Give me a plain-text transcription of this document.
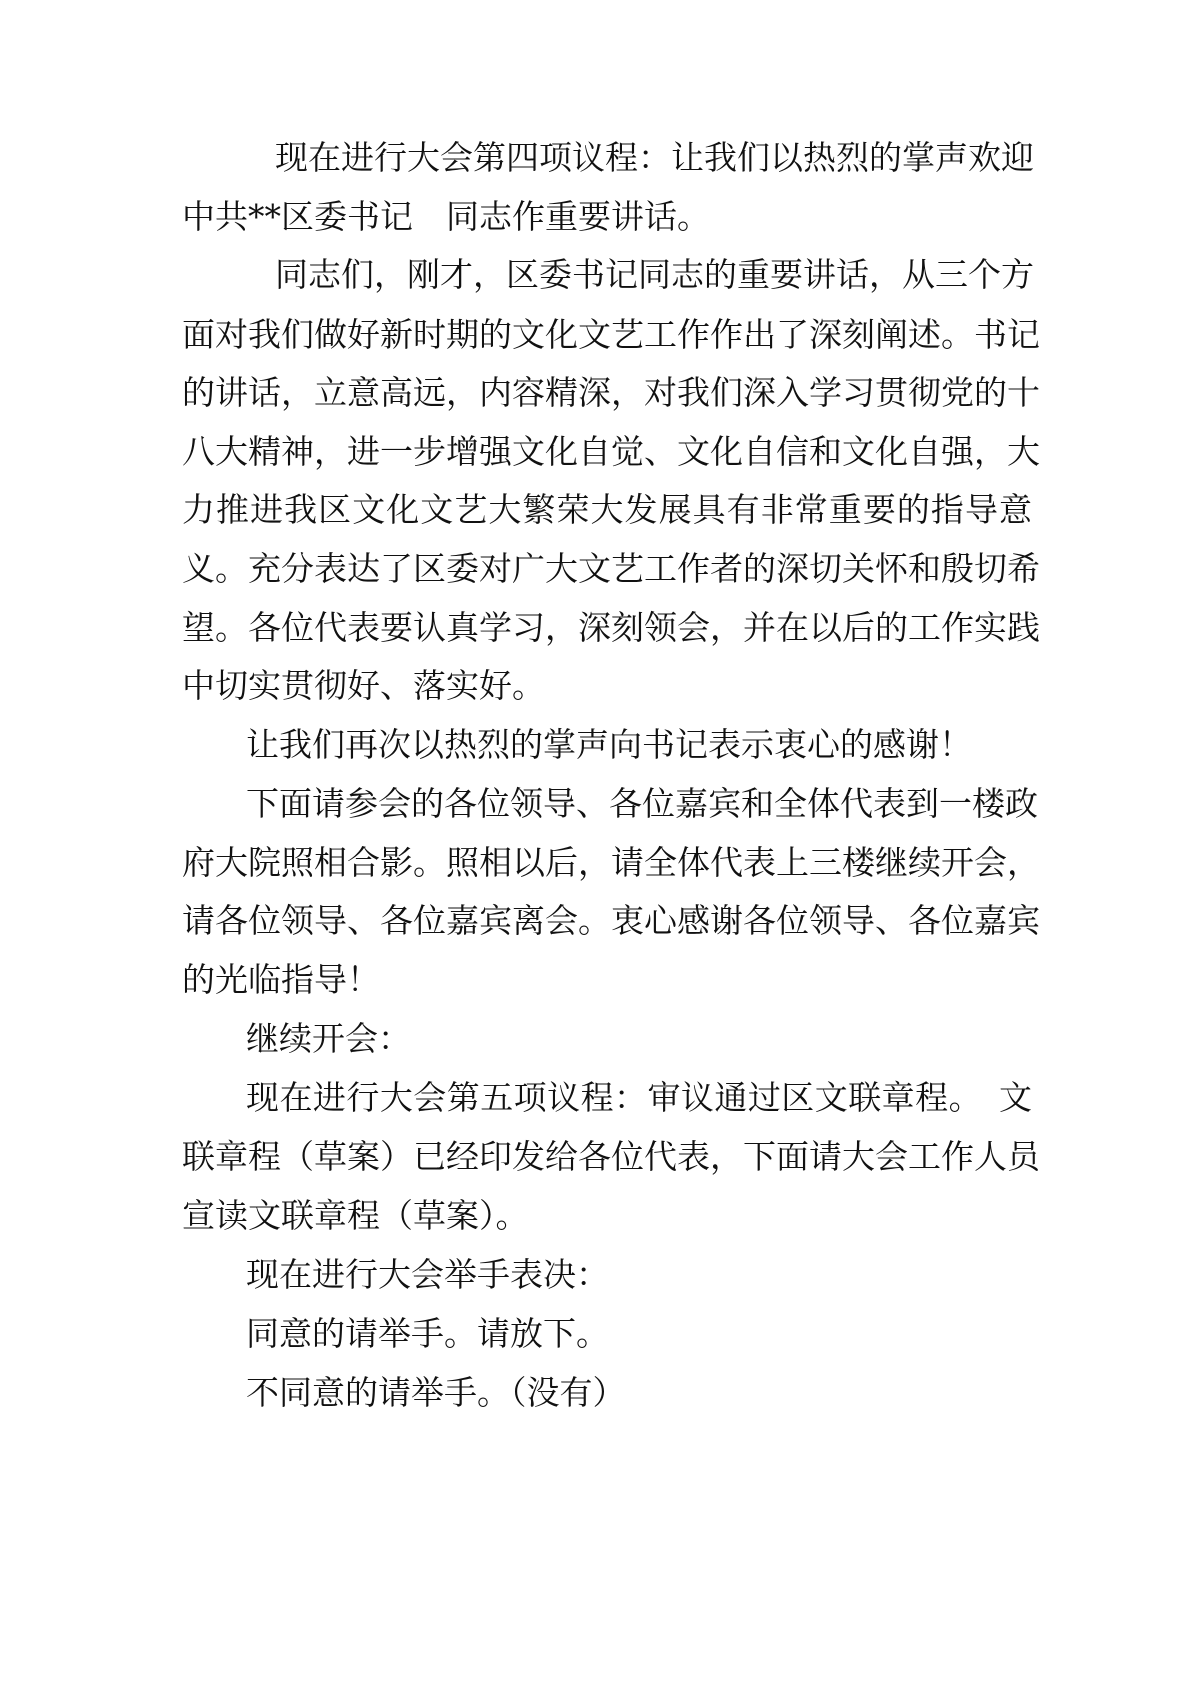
现在进行大会第四项议程：让我们以热烈的掌声欢迎

中共**区委书记　同志作重要讲话。

同志们，刚才，区委书记同志的重要讲话，从三个方

面对我们做好新时期的文化文艺工作作出了深刻阐述。书记

的讲话，立意高远，内容精深，对我们深入学习贯彻党的十

八大精神，进一步增强文化自觉、文化自信和文化自强，大

力推进我区文化文艺大繁荣大发展具有非常重要的指导意

义。充分表达了区委对广大文艺工作者的深切关怀和殷切希

望。各位代表要认真学习，深刻领会，并在以后的工作实践

中切实贯彻好、落实好。

让我们再次以热烈的掌声向书记表示衷心的感谢！

下面请参会的各位领导、各位嘉宾和全体代表到一楼政

府大院照相合影。照相以后，请全体代表上三楼继续开会，

请各位领导、各位嘉宾离会。衷心感谢各位领导、各位嘉宾

的光临指导！

继续开会：

现在进行大会第五项议程：审议通过区文联章程。　文

联章程（草案）已经印发给各位代表，下面请大会工作人员

宣读文联章程（草案）。

现在进行大会举手表决：

同意的请举手。请放下。

不同意的请举手。（没有）
